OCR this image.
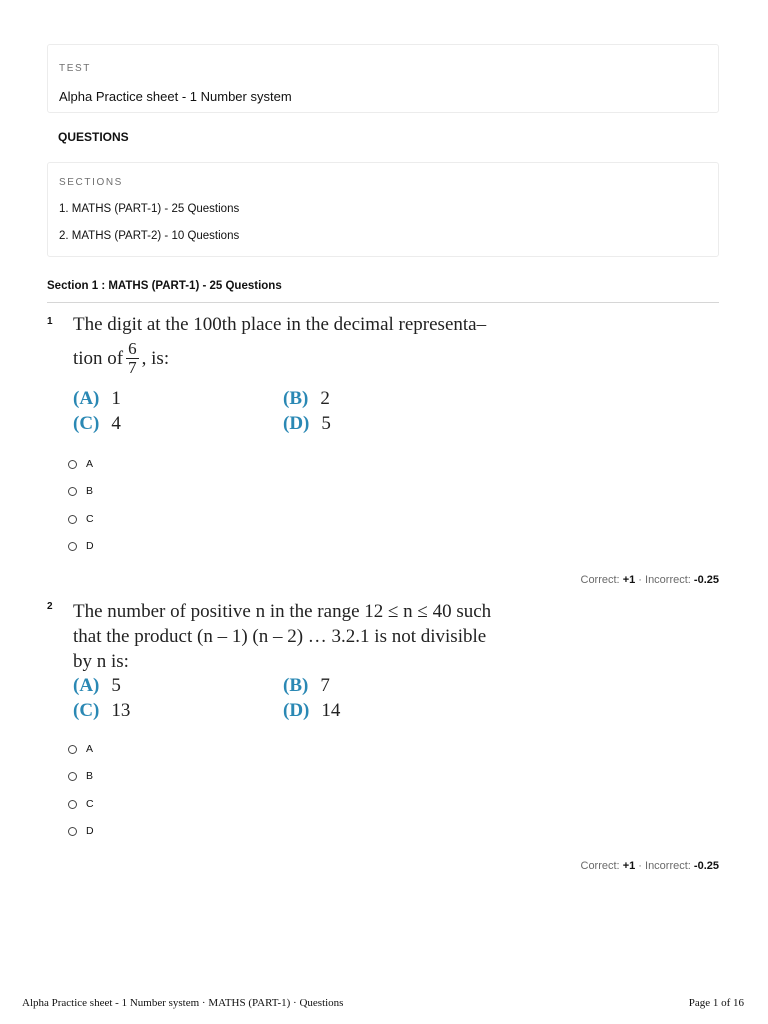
TEST
Alpha Practice sheet - 1 Number system
QUESTIONS
SECTIONS
1. MATHS (PART-1) - 25 Questions
2. MATHS (PART-2) - 10 Questions
Section 1 : MATHS (PART-1) - 25 Questions
1 The digit at the 100th place in the decimal representa–
tion of $\frac{6}{7}$ , is:
(A) 1	(B) 2
(C) 4	(D) 5
A
B
C
D
Correct: +1 · Incorrect: -0.25
2 The number of positive n in the range 12 ≤ n ≤ 40 such
that the product (n – 1) (n – 2) … 3.2.1 is not divisible
by n is:
(A) 5	(B) 7
(C) 13	(D) 14
A
B
C
D
Correct: +1 · Incorrect: -0.25
Alpha Practice sheet - 1 Number system · MATHS (PART-1) · Questions	Page 1 of 16
